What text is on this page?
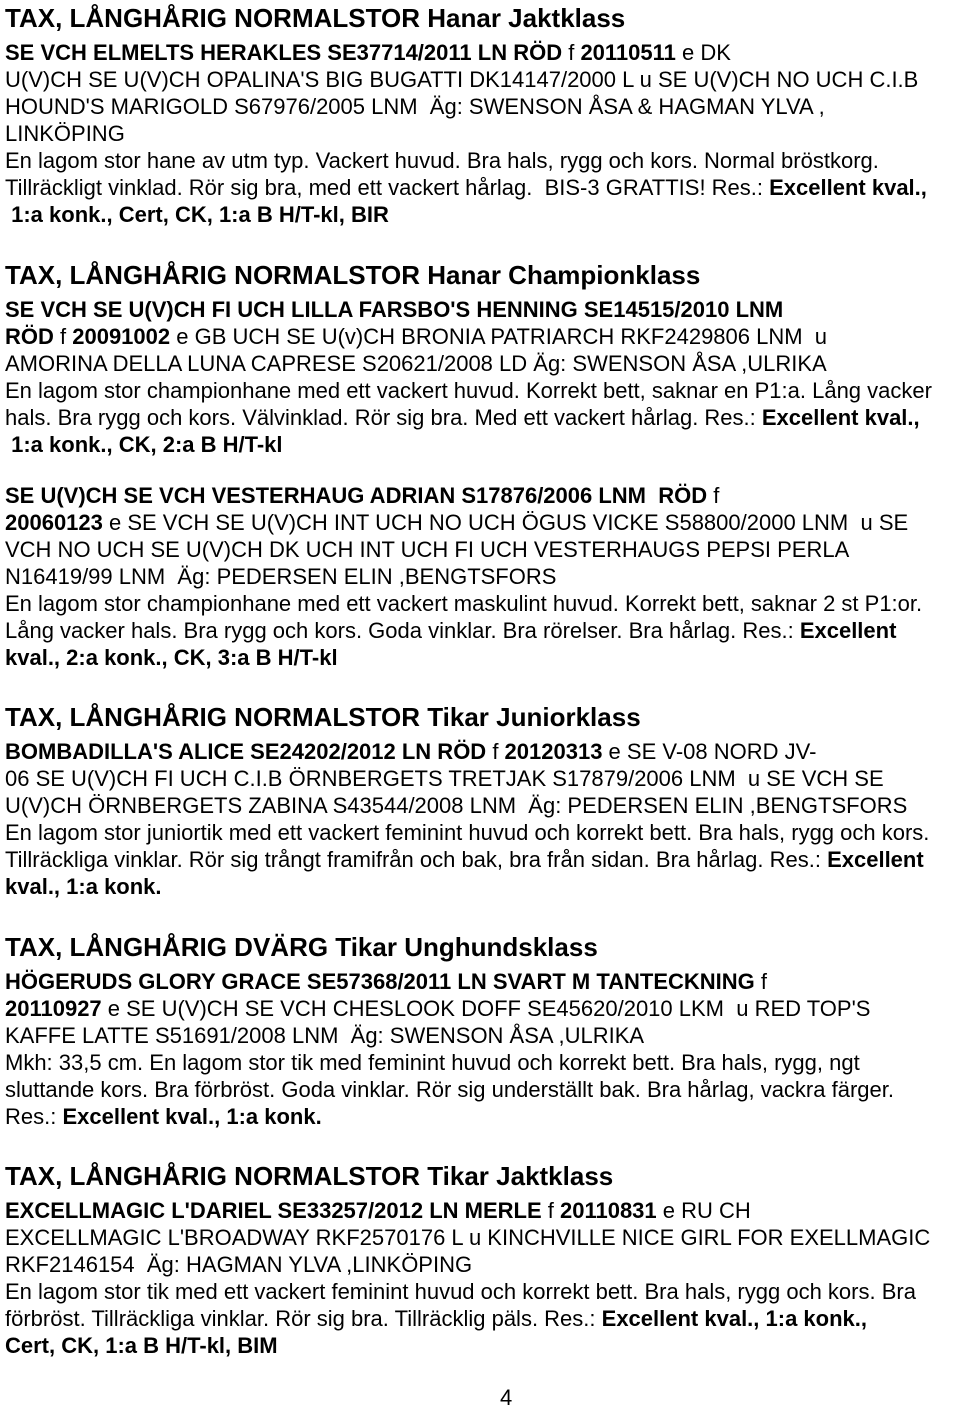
TAX, LÅNGHÅRIG NORMALSTOR Hanar Jaktklass
SE VCH ELMELTS HERAKLES SE37714/2011 LN RÖD f 20110511 e DK
U(V)CH SE U(V)CH OPALINA'S BIG BUGATTI DK14147/2000 L u SE U(V)CH NO UCH C.I.B
HOUND'S MARIGOLD S67976/2005 LNM  Äg: SWENSON ÅSA & HAGMAN YLVA ,
LINKÖPING
En lagom stor hane av utm typ. Vackert huvud. Bra hals, rygg och kors. Normal bröstkorg.
Tillräckligt vinklad. Rör sig bra, med ett vackert hårlag.  BIS-3 GRATTIS! Res.: Excellent kval.,
1:a konk., Cert, CK, 1:a B H/T-kl, BIR
TAX, LÅNGHÅRIG NORMALSTOR Hanar Championklass
SE VCH SE U(V)CH FI UCH LILLA FARSBO'S HENNING SE14515/2010 LNM
RÖD f 20091002 e GB UCH SE U(v)CH BRONIA PATRIARCH RKF2429806 LNM  u
AMORINA DELLA LUNA CAPRESE S20621/2008 LD Äg: SWENSON ÅSA ,ULRIKA
En lagom stor championhane med ett vackert huvud. Korrekt bett, saknar en P1:a. Lång vacker
hals. Bra rygg och kors. Välvinklad. Rör sig bra. Med ett vackert hårlag. Res.: Excellent kval.,
1:a konk., CK, 2:a B H/T-kl
SE U(V)CH SE VCH VESTERHAUG ADRIAN S17876/2006 LNM  RÖD f
20060123 e SE VCH SE U(V)CH INT UCH NO UCH ÖGUS VICKE S58800/2000 LNM  u SE
VCH NO UCH SE U(V)CH DK UCH INT UCH FI UCH VESTERHAUGS PEPSI PERLA
N16419/99 LNM  Äg: PEDERSEN ELIN ,BENGTSFORS
En lagom stor championhane med ett vackert maskulint huvud. Korrekt bett, saknar 2 st P1:or.
Lång vacker hals. Bra rygg och kors. Goda vinklar. Bra rörelser. Bra hårlag. Res.: Excellent
kval., 2:a konk., CK, 3:a B H/T-kl
TAX, LÅNGHÅRIG NORMALSTOR Tikar Juniorklass
BOMBADILLA'S ALICE SE24202/2012 LN RÖD f 20120313 e SE V-08 NORD JV-
06 SE U(V)CH FI UCH C.I.B ÖRNBERGETS TRETJAK S17879/2006 LNM  u SE VCH SE
U(V)CH ÖRNBERGETS ZABINA S43544/2008 LNM  Äg: PEDERSEN ELIN ,BENGTSFORS
En lagom stor juniortik med ett vackert feminint huvud och korrekt bett. Bra hals, rygg och kors.
Tillräckliga vinklar. Rör sig trångt framifrån och bak, bra från sidan. Bra hårlag. Res.: Excellent
kval., 1:a konk.
TAX, LÅNGHÅRIG DVÄRG Tikar Unghundsklass
HÖGERUDS GLORY GRACE SE57368/2011 LN SVART M TANTECKNING f
20110927 e SE U(V)CH SE VCH CHESLOOK DOFF SE45620/2010 LKM  u RED TOP'S
KAFFE LATTE S51691/2008 LNM  Äg: SWENSON ÅSA ,ULRIKA
Mkh: 33,5 cm. En lagom stor tik med feminint huvud och korrekt bett. Bra hals, rygg, ngt
sluttande kors. Bra förbröst. Goda vinklar. Rör sig underställt bak. Bra hårlag, vackra färger.
Res.: Excellent kval., 1:a konk.
TAX, LÅNGHÅRIG NORMALSTOR Tikar Jaktklass
EXCELLMAGIC L'DARIEL SE33257/2012 LN MERLE f 20110831 e RU CH
EXCELLMAGIC L'BROADWAY RKF2570176 L u KINCHVILLE NICE GIRL FOR EXELLMAGIC
RKF2146154  Äg: HAGMAN YLVA ,LINKÖPING
En lagom stor tik med ett vackert feminint huvud och korrekt bett. Bra hals, rygg och kors. Bra
förbröst. Tillräckliga vinklar. Rör sig bra. Tillräcklig päls. Res.: Excellent kval., 1:a konk.,
Cert, CK, 1:a B H/T-kl, BIM
4
